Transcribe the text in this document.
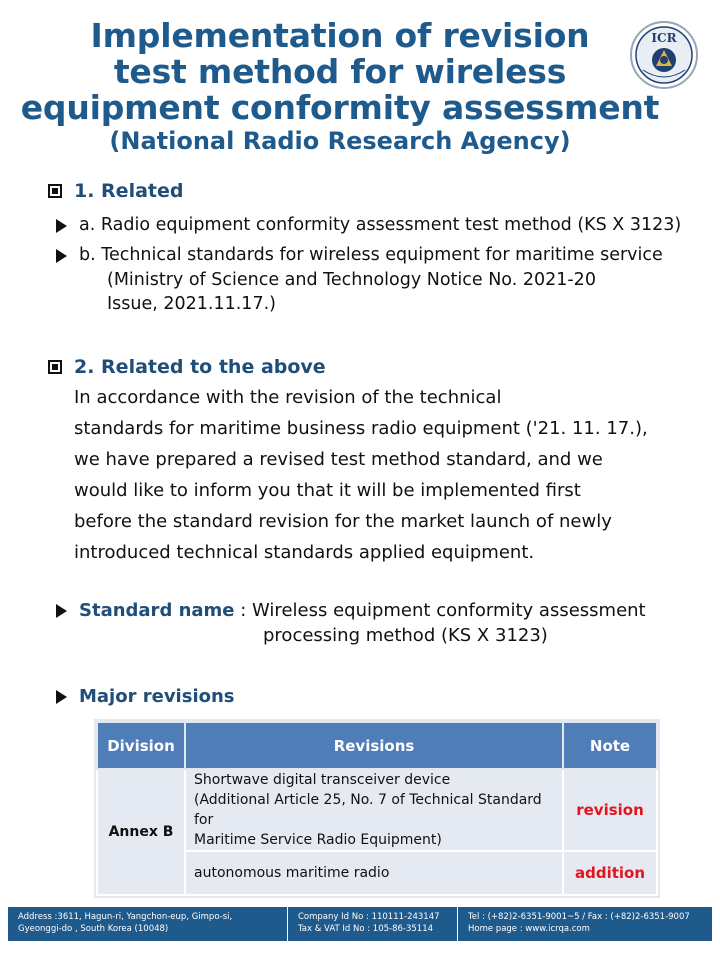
Implementation of revision
test method for wireless
equipment conformity assessment
(National Radio Research Agency)
ICR
1. Related
a. Radio equipment conformity assessment test method (KS X 3123)
b. Technical standards for wireless equipment for maritime service
(Ministry of Science and Technology Notice No. 2021-20
Issue, 2021.11.17.)
2. Related to the above
In accordance with the revision of the technical
standards for maritime business radio equipment ('21. 11. 17.),
we have prepared a revised test method standard, and we
would like to inform you that it will be implemented first
before the standard revision for the market launch of newly
introduced technical standards applied equipment.
Standard name : Wireless equipment conformity assessment
processing method (KS X 3123)
Major revisions
Division	Revisions	Note
Annex B	Shortwave digital transceiver device
(Additional Article 25, No. 7 of Technical Standard for
Maritime Service Radio Equipment)	revision

	autonomous maritime radio	addition
Address :3611, Hagun-ri, Yangchon-eup, Gimpo-si,
Gyeonggi-do , South Korea (10048)
Company Id No : 110111-243147
Tax & VAT Id No : 105-86-35114
Tel : (+82)2-6351-9001~5 / Fax : (+82)2-6351-9007
Home page : www.icrqa.com
